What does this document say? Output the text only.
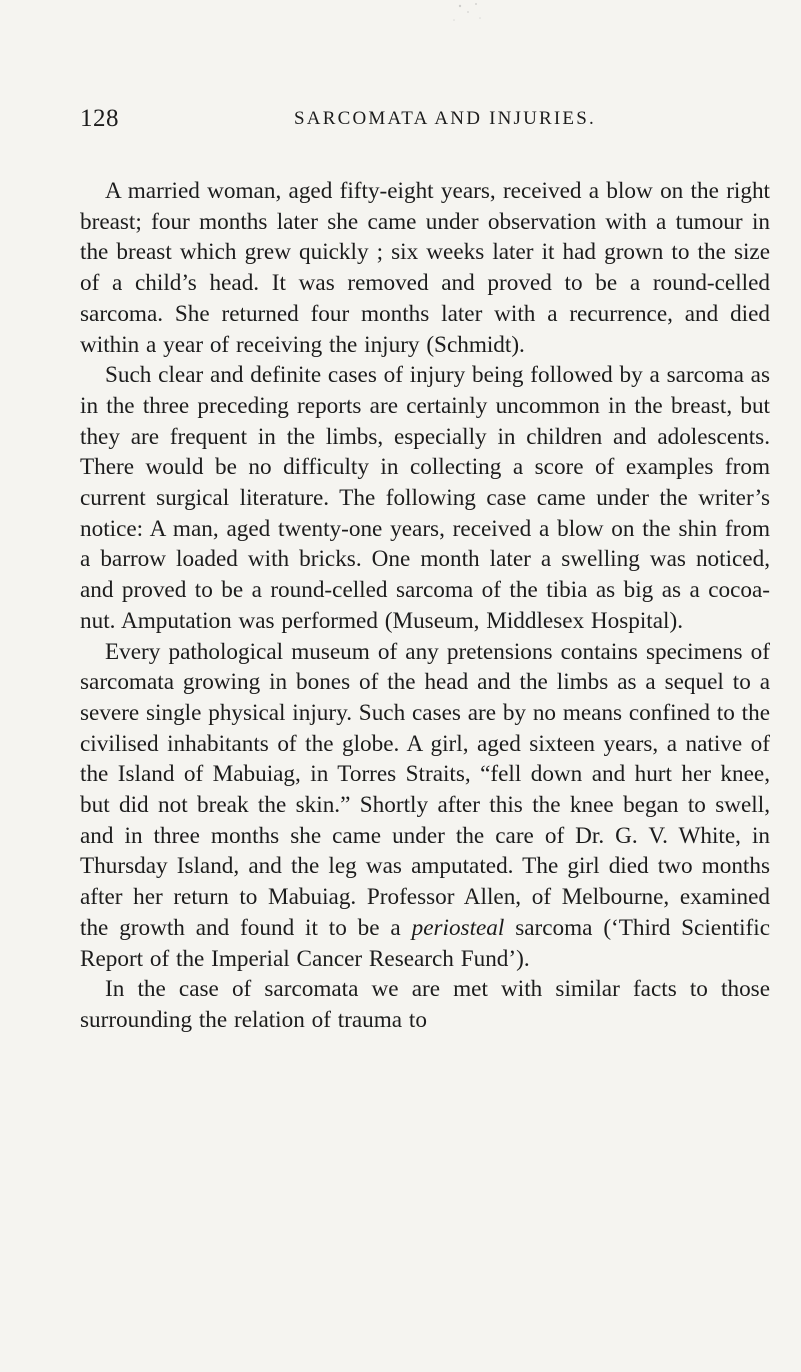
128	SARCOMATA AND INJURIES.

A married woman, aged fifty-eight years, received a blow on the right breast; four months later she came under observation with a tumour in the breast which grew quickly ; six weeks later it had grown to the size of a child’s head. It was removed and proved to be a round-celled sarcoma. She returned four months later with a recurrence, and died within a year of receiving the injury (Schmidt).

Such clear and definite cases of injury being followed by a sarcoma as in the three preceding reports are certainly uncommon in the breast, but they are frequent in the limbs, especially in children and adolescents. There would be no difficulty in collecting a score of examples from current surgical literature. The following case came under the writer’s notice: A man, aged twenty-one years, received a blow on the shin from a barrow loaded with bricks. One month later a swelling was noticed, and proved to be a round-celled sarcoma of the tibia as big as a cocoa-nut. Amputation was performed (Museum, Middlesex Hospital).

Every pathological museum of any pretensions contains specimens of sarcomata growing in bones of the head and the limbs as a sequel to a severe single physical injury. Such cases are by no means confined to the civilised inhabitants of the globe. A girl, aged sixteen years, a native of the Island of Mabuiag, in Torres Straits, “fell down and hurt her knee, but did not break the skin.” Shortly after this the knee began to swell, and in three months she came under the care of Dr. G. V. White, in Thursday Island, and the leg was amputated. The girl died two months after her return to Mabuiag. Professor Allen, of Melbourne, examined the growth and found it to be a periosteal sarcoma (‘Third Scientific Report of the Imperial Cancer Research Fund’).

In the case of sarcomata we are met with similar facts to those surrounding the relation of trauma to
